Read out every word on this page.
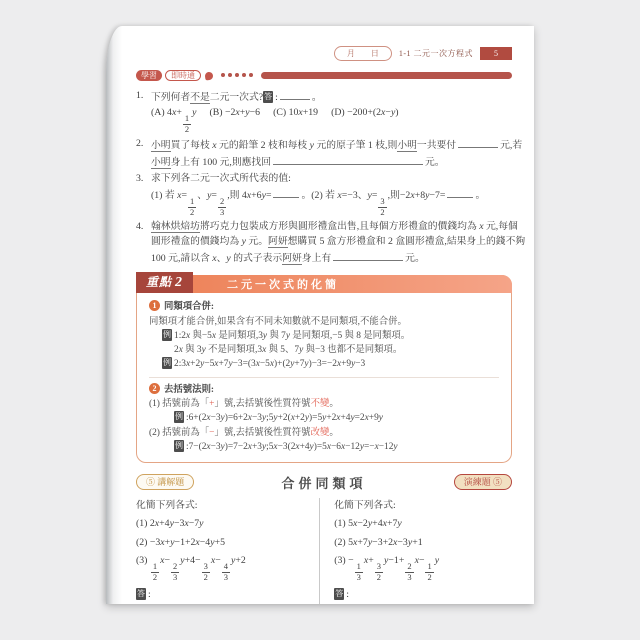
月 日	1-1 二元一次方程式	5
學習	即時通
1. 下列何者不是二元一次式?答 :	。
(A) 4x+
$\frac{1}{2}$
y (B) −2x+y−6 (C) 10x+19 (D) −200+(2x−y)
2. 小明買了每枝 x 元的鉛筆 2 枝和每枝 y 元的原子筆 1 枝,則小明一共要付	元,若
小明身上有 100 元,則應找回	元。
3. 求下列各二元一次式所代表的值:
(1) 若 x=
$\frac{1}{2}$
、y=
$\frac{2}{3}$
,則 4x+6y=	。(2) 若 x=−3、y=
$\frac{3}{2}$
,則−2x+8y−7=	。
4. 翰林烘焙坊將巧克力包裝成方形與圓形禮盒出售,且每個方形禮盒的價錢均為 x 元,每個
圓形禮盒的價錢均為 y 元。阿妍想購買 5 盒方形禮盒和 2 盒圓形禮盒,結果身上的錢不夠
100 元,請以含 x、y 的式子表示阿妍身上有	元。
重點 2	二元一次式的化簡
1 同類項合併:
同類項才能合併,如果含有不同未知數就不是同類項,不能合併。
例 1:2x 與−5x 是同類項,3y 與 7y 是同類項,−5 與 8 是同類項。
2x 與 3y 不是同類項,3x 與 5、7y 與−3 也都不是同類項。
例 2:3x+2y−5x+7y−3=(3x−5x)+(2y+7y)−3=−2x+9y−3
2 去括號法則:
(1) 括號前為「+」號,去括號後性質符號不變。
例 :6+(2x−3y)=6+2x−3y;5y+2(x+2y)=5y+2x+4y=2x+9y
(2) 括號前為「−」號,去括號後性質符號改變。
例 :7−(2x−3y)=7−2x+3y;5x−3(2x+4y)=5x−6x−12y=−x−12y
⑤ 講解題	合併同類項	演練題 ⑤
化簡下列各式:
(1) 2x+4y−3x−7y
(2) −3x+y−1+2x−4y+5
(3)
$\frac{1}{2}$
x−
$\frac{2}{3}$
y+4−
$\frac{3}{2}$
x−
$\frac{4}{3}$
y+2
答 :
化簡下列各式:
(1) 5x−2y+4x+7y
(2) 5x+7y−3+2x−3y+1
(3) −
$\frac{1}{3}$
x+
$\frac{3}{2}$
y−1+
$\frac{2}{3}$
x−
$\frac{1}{2}$
y
答 :
